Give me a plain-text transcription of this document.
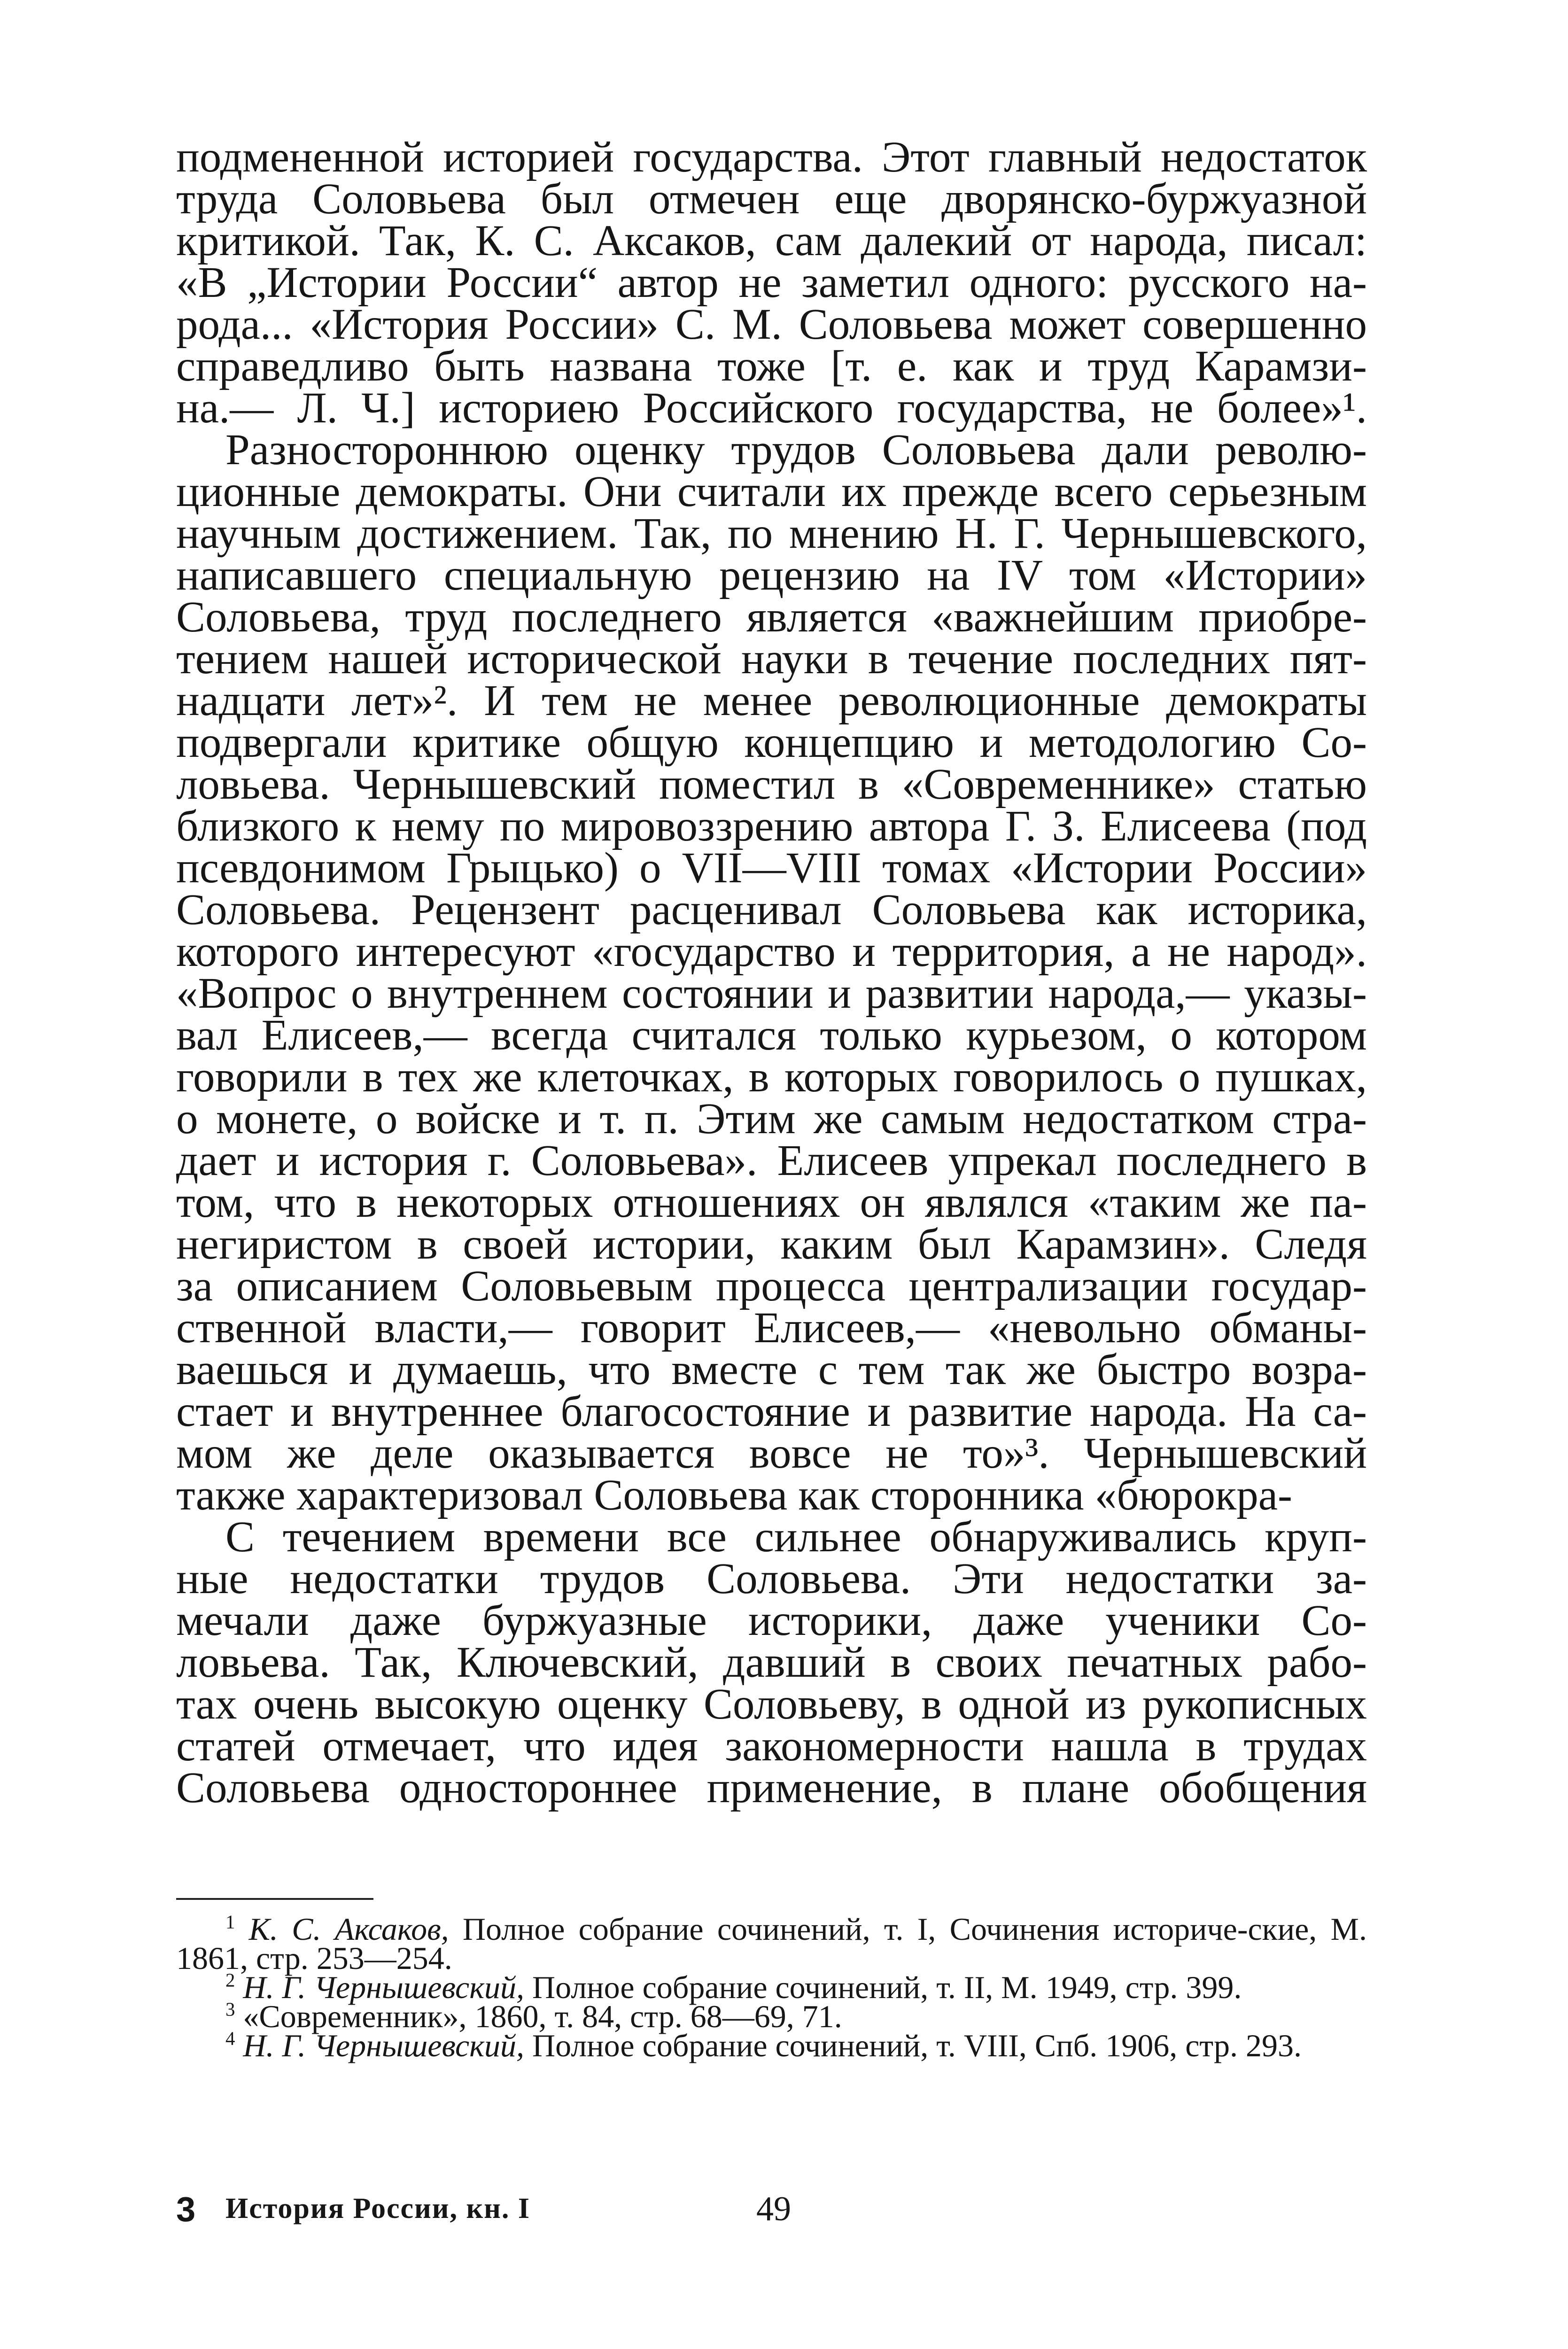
подмененной историей государства. Этот главный недостаток
труда Соловьева был отмечен еще дворянско-буржуазной
критикой. Так, К. С. Аксаков, сам далекий от народа, писал:
«В „Истории России“ автор не заметил одного: русского на-
рода... «История России» С. М. Соловьева может совершенно
справедливо быть названа тоже [т. е. как и труд Карамзи-
на.— Л. Ч.] историею Российского государства, не более»¹.

Разностороннюю оценку трудов Соловьева дали револю-
ционные демократы. Они считали их прежде всего серьезным
научным достижением. Так, по мнению Н. Г. Чернышевского,
написавшего специальную рецензию на IV том «Истории»
Соловьева, труд последнего является «важнейшим приобре-
тением нашей исторической науки в течение последних пят-
надцати лет»². И тем не менее революционные демократы
подвергали критике общую концепцию и методологию Со-
ловьева. Чернышевский поместил в «Современнике» статью
близкого к нему по мировоззрению автора Г. З. Елисеева (под
псевдонимом Грыцько) о VII—VIII томах «Истории России»
Соловьева. Рецензент расценивал Соловьева как историка,
которого интересуют «государство и территория, а не народ».
«Вопрос о внутреннем состоянии и развитии народа,— указы-
вал Елисеев,— всегда считался только курьезом, о котором
говорили в тех же клеточках, в которых говорилось о пушках,
о монете, о войске и т. п. Этим же самым недостатком стра-
дает и история г. Соловьева». Елисеев упрекал последнего в
том, что в некоторых отношениях он являлся «таким же па-
негиристом в своей истории, каким был Карамзин». Следя
за описанием Соловьевым процесса централизации государ-
ственной власти,— говорит Елисеев,— «невольно обманы-
ваешься и думаешь, что вместе с тем так же быстро возра-
стает и внутреннее благосостояние и развитие народа. На са-
мом же деле оказывается вовсе не то»³. Чернышевский
также характеризовал Соловьева как сторонника «бюрокра-

С течением времени все сильнее обнаруживались круп-
ные недостатки трудов Соловьева. Эти недостатки за-
мечали даже буржуазные историки, даже ученики Со-
ловьева. Так, Ключевский, давший в своих печатных рабо-
тах очень высокую оценку Соловьеву, в одной из рукописных
статей отмечает, что идея закономерности нашла в трудах
Соловьева одностороннее применение, в плане обобщения

$^1$ К. С. Аксаков, Полное собрание сочинений, т. I, Сочинения историче-ские, М. 1861, стр. 253—254.

$^2$ Н. Г. Чернышевский, Полное собрание сочинений, т. II, М. 1949, стр. 399.

$^3$ «Современник», 1860, т. 84, стр. 68—69, 71.

$^4$ Н. Г. Чернышевский, Полное собрание сочинений, т. VIII, Спб. 1906, стр. 293.

3 История России, кн. I	49
